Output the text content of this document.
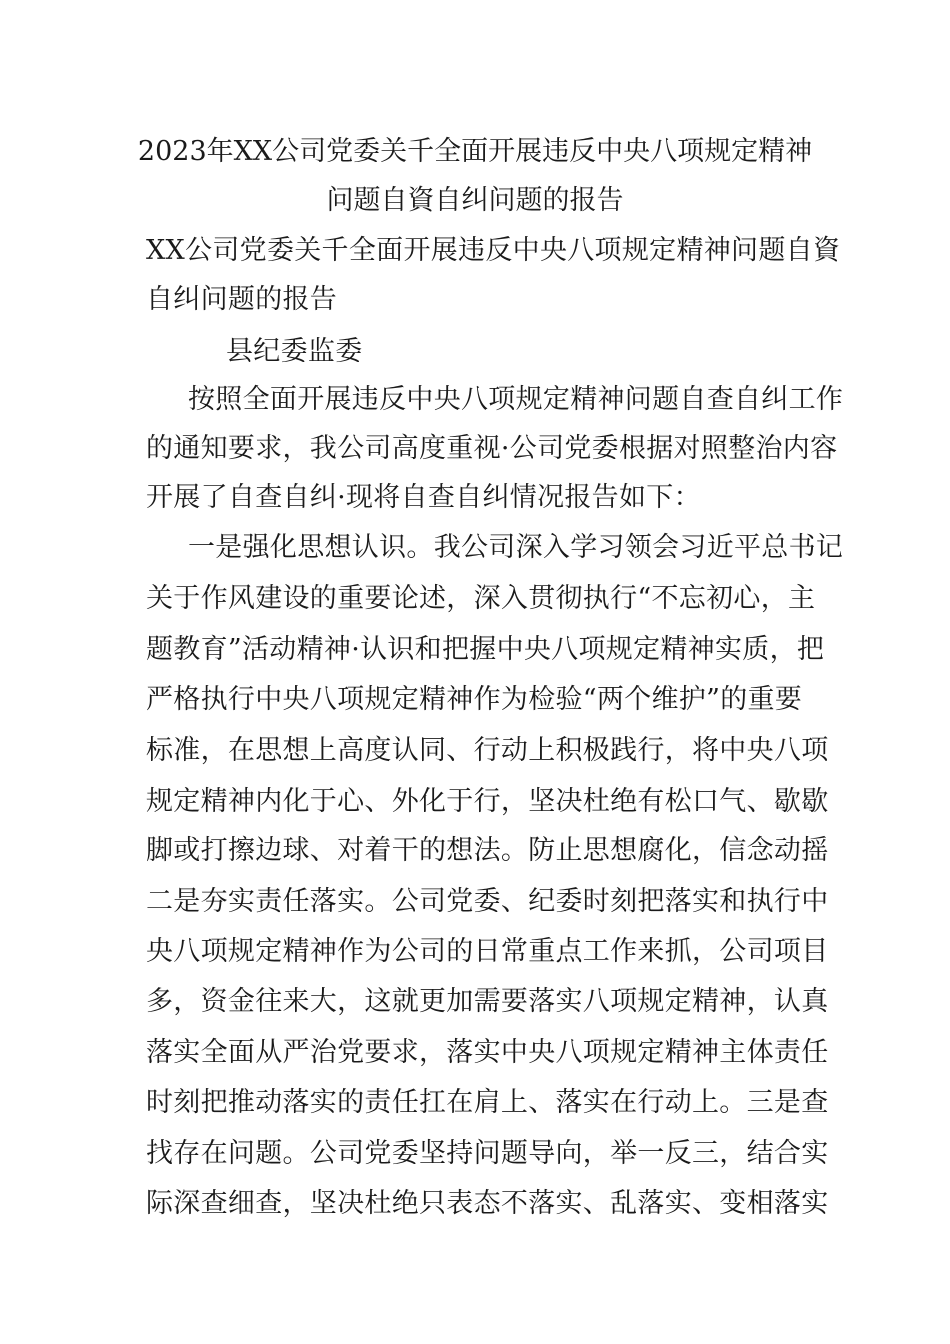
2023年XX公司党委关千全面开展违反中央八项规定精神
问题自資自纠问题的报告
XX公司党委关千全面开展违反中央八项规定精神问题自資
自纠问题的报告
县纪委监委
按照全面开展违反中央八项规定精神问题自查自纠工作
的通知要求，我公司高度重视·公司党委根据对照整治内容
开展了自查自纠·现将自查自纠情况报告如下：
一是强化思想认识。我公司深入学习领会习近平总书记
关于作风建设的重要论述，深入贯彻执行“不忘初心，主
题教育”活动精神·认识和把握中央八项规定精神实质，把
严格执行中央八项规定精神作为检验“两个维护”的重要
标准，在思想上高度认同、行动上积极践行，将中央八项
规定精神内化于心、外化于行，坚决杜绝有松口气、歇歇
脚或打擦边球、对着干的想法。防止思想腐化，信念动摇
二是夯实责任落实。公司党委、纪委时刻把落实和执行中
央八项规定精神作为公司的日常重点工作来抓，公司项目
多，资金往来大，这就更加需要落实八项规定精神，认真
落实全面从严治党要求，落实中央八项规定精神主体责任
时刻把推动落实的责任扛在肩上、落实在行动上。三是查
找存在问题。公司党委坚持问题导向，举一反三，结合实
际深查细查，坚决杜绝只表态不落实、乱落实、变相落实
